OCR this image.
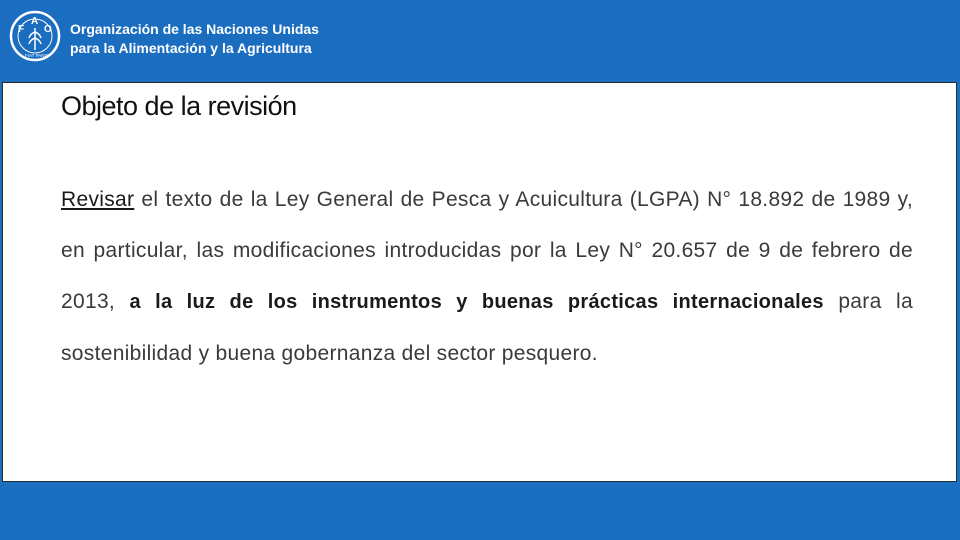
F
A
O
FIAT PANIS
Organización de las Naciones Unidas
para la Alimentación y la Agricultura
Objeto de la revisión
Revisar el texto de la Ley General de Pesca y Acuicultura (LGPA) N° 18.892 de 1989 y, en particular, las modificaciones introducidas por la Ley N° 20.657 de 9 de febrero de 2013, a la luz de los instrumentos y buenas prácticas internacionales para la sostenibilidad y buena gobernanza del sector pesquero.
